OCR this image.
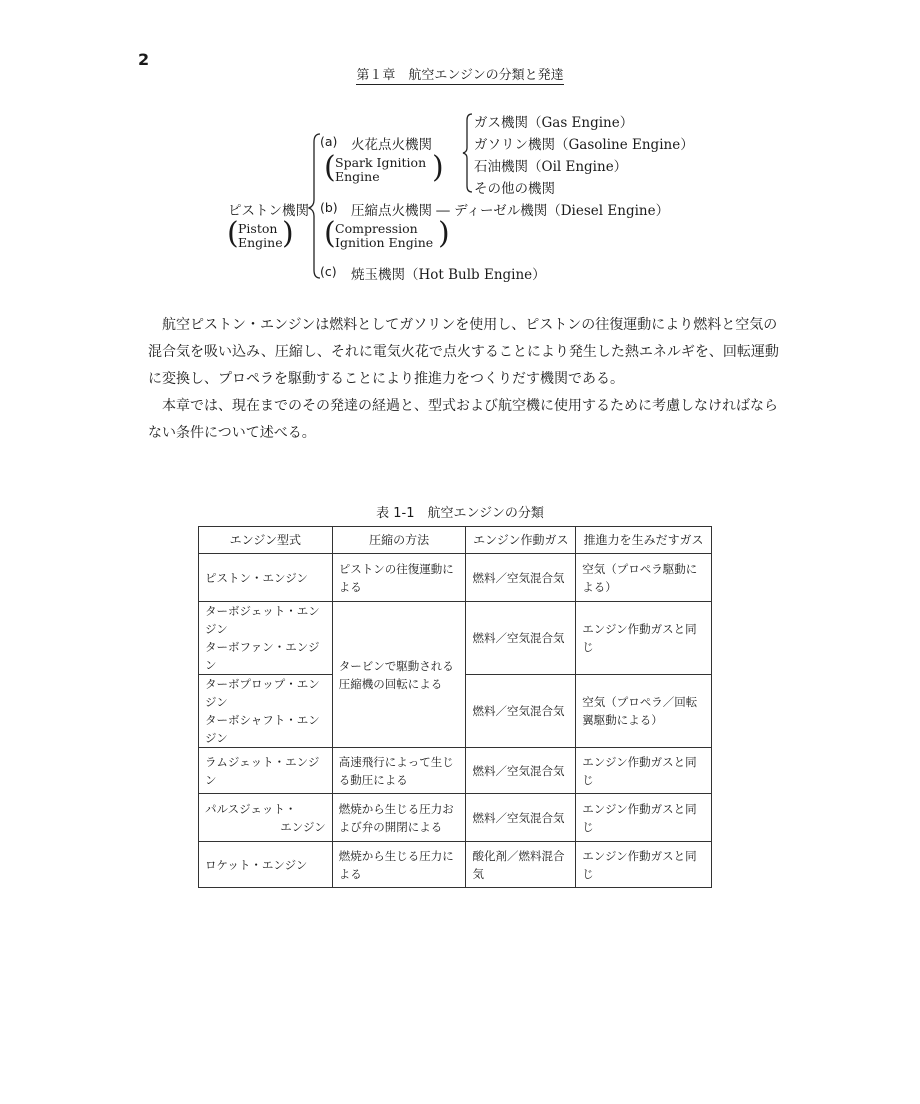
2
第１章　航空エンジンの分類と発達
ピストン機関
( Piston
Engine )
(a) 火花点火機関
( Spark Ignition
Engine )
ガス機関（Gas Engine）
ガソリン機関（Gasoline Engine）
石油機関（Oil Engine）
その他の機関
(b) 圧縮点火機関 ― ディーゼル機関（Diesel Engine）
( Compression
Ignition Engine )
(c) 焼玉機関（Hot Bulb Engine）

航空ピストン・エンジンは燃料としてガソリンを使用し、ピストンの往復運動により燃料と空気の混合気を吸い込み、圧縮し、それに電気火花で点火することにより発生した熱エネルギを、回転運動に変換し、プロペラを駆動することにより推進力をつくりだす機関である。

本章では、現在までのその発達の経過と、型式および航空機に使用するために考慮しなければならない条件について述べる。

表 1-1　航空エンジンの分類
エンジン型式	圧縮の方法	エンジン作動ガス	推進力を生みだすガス
ピストン・エンジン	ピストンの往復運動による	燃料／空気混合気	空気（プロペラ駆動による）

ターボジェット・エンジン
ターボファン・エンジン	タービンで駆動される圧縮機の回転による	燃料／空気混合気	エンジン作動ガスと同じ

ターボプロップ・エンジン
ターボシャフト・エンジン		燃料／空気混合気	空気（プロペラ／回転翼駆動による）
ラムジェット・エンジン	高速飛行によって生じる動圧による	燃料／空気混合気	エンジン作動ガスと同じ

パルスジェット・
エンジン	燃焼から生じる圧力および弁の開閉による	燃料／空気混合気	エンジン作動ガスと同じ
ロケット・エンジン	燃焼から生じる圧力による	酸化剤／燃料混合気	エンジン作動ガスと同じ
